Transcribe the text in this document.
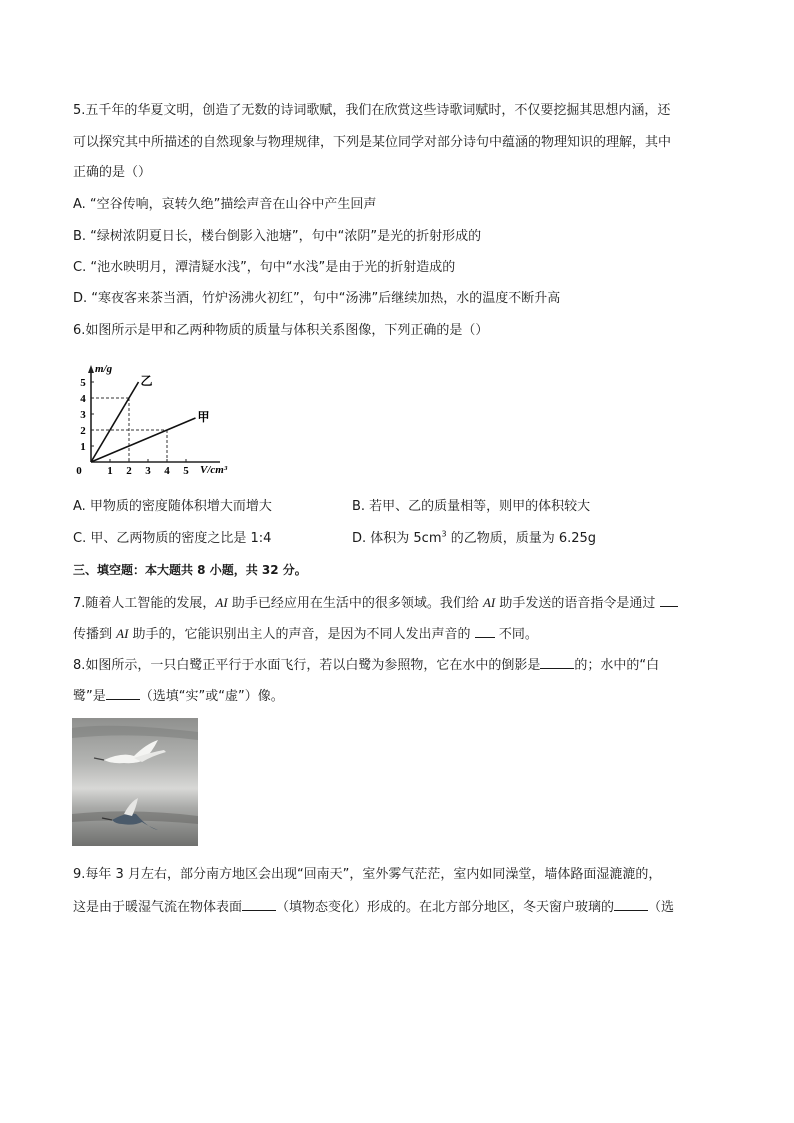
5.五千年的华夏文明，创造了无数的诗词歌赋，我们在欣赏这些诗歌词赋时，不仅要挖掘其思想内涵，还
可以探究其中所描述的自然现象与物理规律，下列是某位同学对部分诗句中蕴涵的物理知识的理解，其中
正确的是（）
A. “空谷传响，哀转久绝”描绘声音在山谷中产生回声
B. “绿树浓阴夏日长，楼台倒影入池塘”，句中“浓阴”是光的折射形成的
C. “池水映明月，潭清疑水浅”，句中“水浅”是由于光的折射造成的
D. “寒夜客来茶当酒，竹炉汤沸火初红”，句中“汤沸”后继续加热，水的温度不断升高
6.如图所示是甲和乙两种物质的质量与体积关系图像，下列正确的是（）
m/g
V/cm³
0 1 2 3 4 5
1
2
3
4
5	乙
甲
A. 甲物质的密度随体积增大而增大	B. 若甲、乙的质量相等，则甲的体积较大
C. 甲、乙两物质的密度之比是 1:4	D. 体积为 $5cm^3$ 的乙物质，质量为 6.25g
三、填空题：本大题共 8 小题，共 32 分。
7.随着人工智能的发展，AI 助手已经应用在生活中的很多领域。我们给 AI 助手发送的语音指令是通过
传播到 AI 助手的，它能识别出主人的声音，是因为不同人发出声音的  不同。
8.如图所示，一只白鹭正平行于水面飞行，若以白鹭为参照物，它在水中的倒影是	的；水中的“白
鹭”是	（选填“实”或“虚”）像。
9.每年 3 月左右，部分南方地区会出现“回南天”，室外雾气茫茫，室内如同澡堂，墙体路面湿漉漉的，
这是由于暖湿气流在物体表面	（填物态变化）形成的。在北方部分地区，冬天窗户玻璃的	（选
